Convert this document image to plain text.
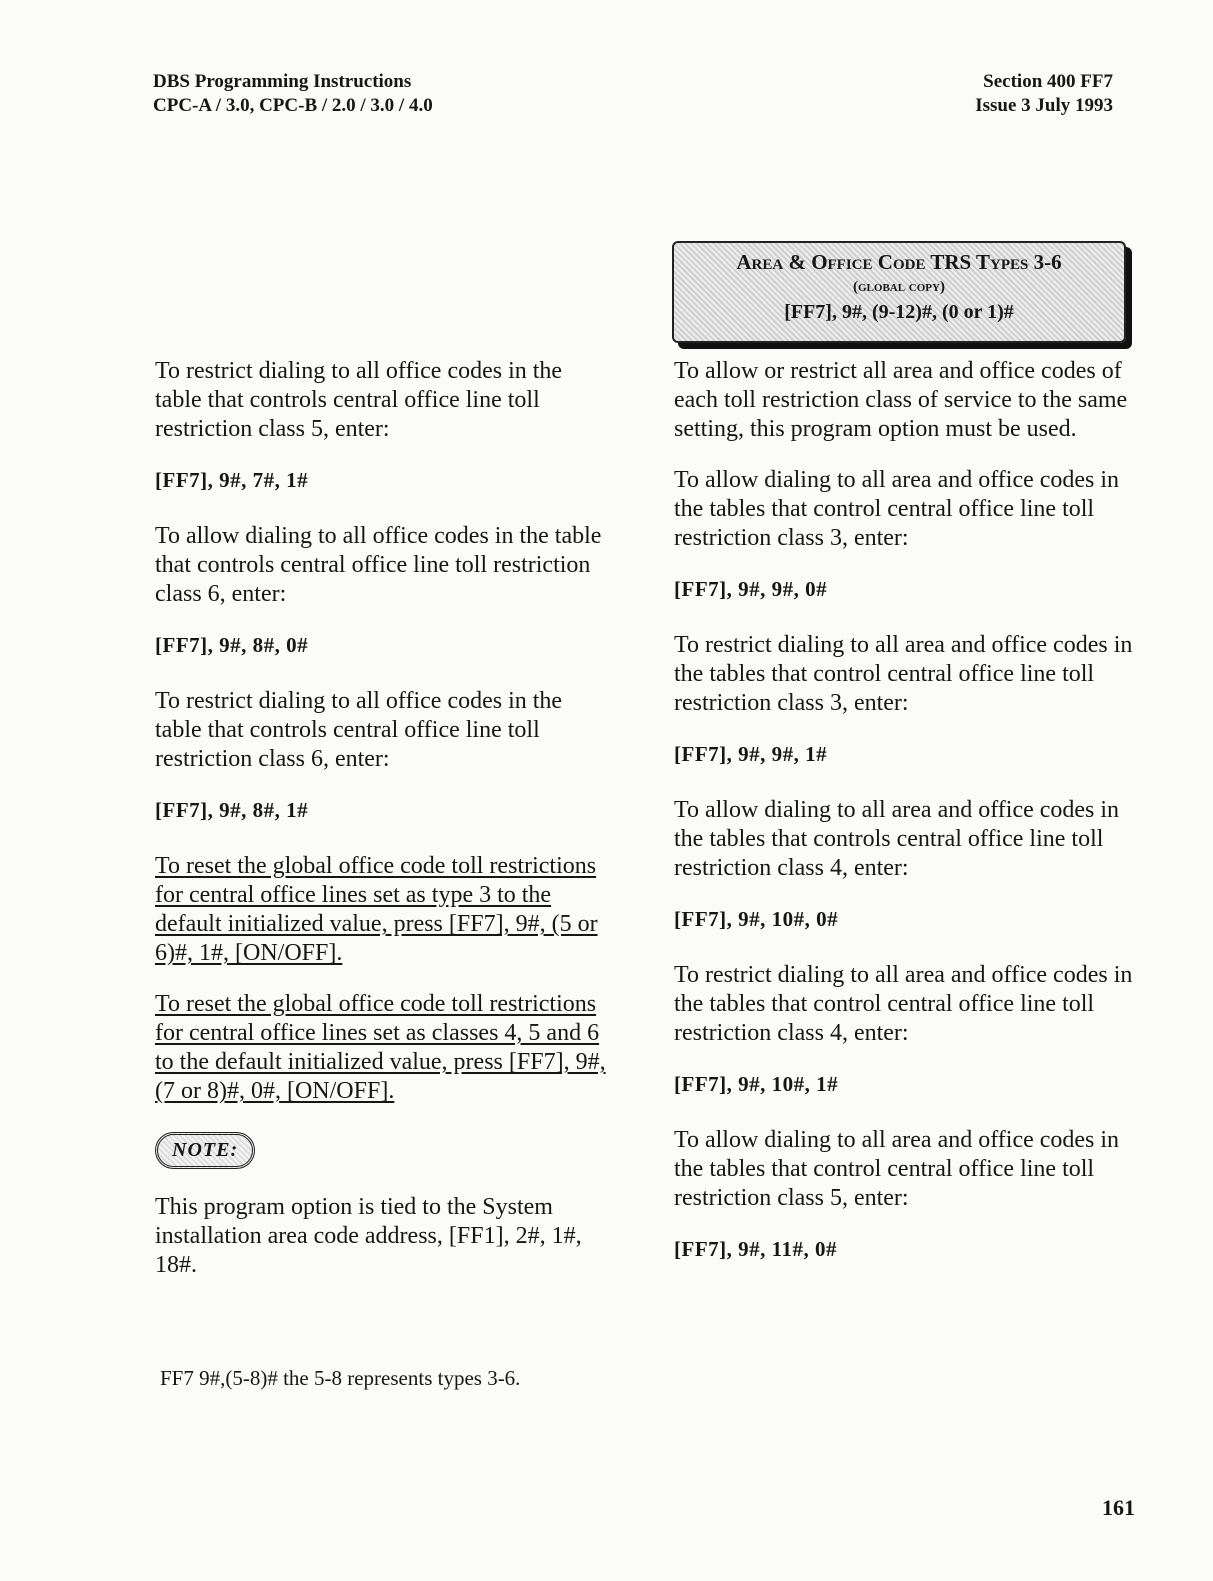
DBS Programming Instructions
CPC-A / 3.0, CPC-B / 2.0 / 3.0 / 4.0
Section 400 FF7
Issue 3 July 1993
Area & Office Code TRS Types 3-6
(global copy)
[FF7], 9#, (9-12)#, (0 or 1)#

To restrict dialing to all office codes in the table that controls central office line toll restriction class 5, enter:

[FF7], 9#, 7#, 1#

To allow dialing to all office codes in the table that controls central office line toll restriction class 6, enter:

[FF7], 9#, 8#, 0#

To restrict dialing to all office codes in the table that controls central office line toll restriction class 6, enter:

[FF7], 9#, 8#, 1#

To reset the global office code toll restrictions for central office lines set as type 3 to the default initialized value, press [FF7], 9#, (5 or 6)#, 1#, [ON/OFF].

To reset the global office code toll restrictions for central office lines set as classes 4, 5 and 6 to the default initialized value, press [FF7], 9#, (7 or 8)#, 0#, [ON/OFF].

NOTE:

This program option is tied to the System installation area code address, [FF1], 2#, 1#, 18#.

FF7 9#,(5-8)# the 5-8 represents types 3-6.

To allow or restrict all area and office codes of each toll restriction class of service to the same setting, this program option must be used.

To allow dialing to all area and office codes in the tables that control central office line toll restriction class 3, enter:

[FF7], 9#, 9#, 0#

To restrict dialing to all area and office codes in the tables that control central office line toll restriction class 3, enter:

[FF7], 9#, 9#, 1#

To allow dialing to all area and office codes in the tables that controls central office line toll restriction class 4, enter:

[FF7], 9#, 10#, 0#

To restrict dialing to all area and office codes in the tables that control central office line toll restriction class 4, enter:

[FF7], 9#, 10#, 1#

To allow dialing to all area and office codes in the tables that control central office line toll restriction class 5, enter:

[FF7], 9#, 11#, 0#

161
